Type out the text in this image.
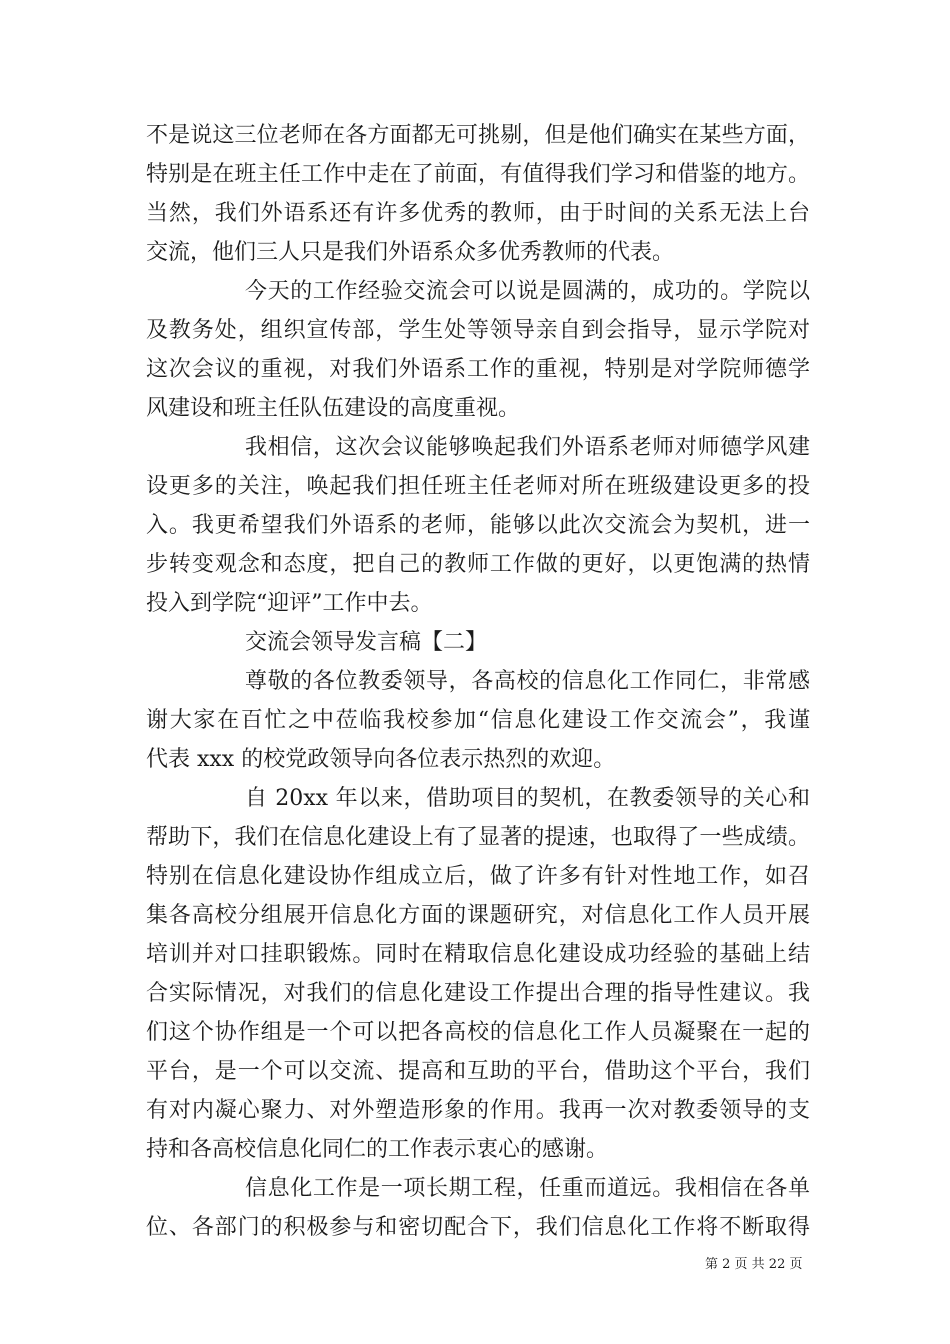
不是说这三位老师在各方面都无可挑剔，但是他们确实在某些方面，
特别是在班主任工作中走在了前面，有值得我们学习和借鉴的地方。
当然，我们外语系还有许多优秀的教师，由于时间的关系无法上台
交流，他们三人只是我们外语系众多优秀教师的代表。
今天的工作经验交流会可以说是圆满的，成功的。学院以
及教务处，组织宣传部，学生处等领导亲自到会指导，显示学院对
这次会议的重视，对我们外语系工作的重视，特别是对学院师德学
风建设和班主任队伍建设的高度重视。
我相信，这次会议能够唤起我们外语系老师对师德学风建
设更多的关注，唤起我们担任班主任老师对所在班级建设更多的投
入。我更希望我们外语系的老师，能够以此次交流会为契机，进一
步转变观念和态度，把自己的教师工作做的更好，以更饱满的热情
投入到学院“迎评”工作中去。
交流会领导发言稿【二】
尊敬的各位教委领导，各高校的信息化工作同仁，非常感
谢大家在百忙之中莅临我校参加“信息化建设工作交流会”，我谨
代表 xxx 的校党政领导向各位表示热烈的欢迎。
自 20xx 年以来，借助项目的契机，在教委领导的关心和
帮助下，我们在信息化建设上有了显著的提速，也取得了一些成绩。
特别在信息化建设协作组成立后，做了许多有针对性地工作，如召
集各高校分组展开信息化方面的课题研究，对信息化工作人员开展
培训并对口挂职锻炼。同时在精取信息化建设成功经验的基础上结
合实际情况，对我们的信息化建设工作提出合理的指导性建议。我
们这个协作组是一个可以把各高校的信息化工作人员凝聚在一起的
平台，是一个可以交流、提高和互助的平台，借助这个平台，我们
有对内凝心聚力、对外塑造形象的作用。我再一次对教委领导的支
持和各高校信息化同仁的工作表示衷心的感谢。
信息化工作是一项长期工程，任重而道远。我相信在各单
位、各部门的积极参与和密切配合下，我们信息化工作将不断取得
第 2 页 共 22 页
